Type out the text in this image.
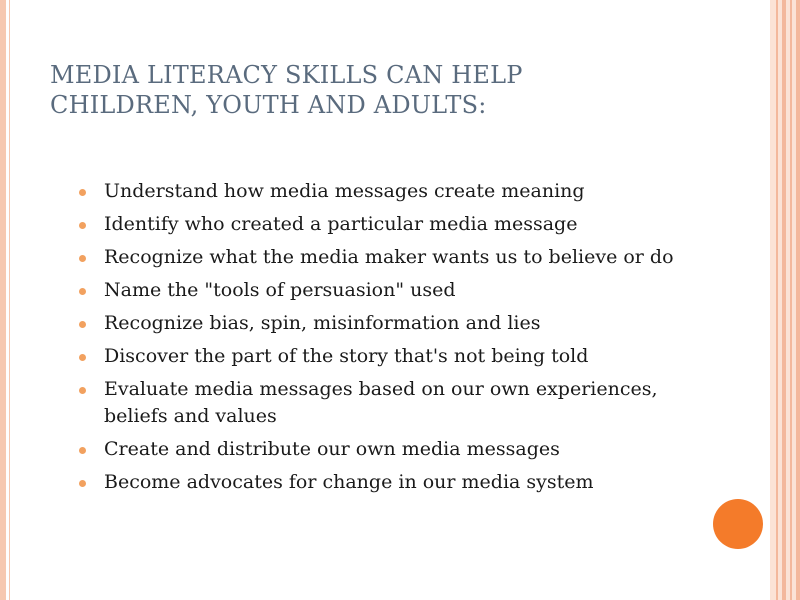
MEDIA LITERACY SKILLS CAN HELP
CHILDREN, YOUTH AND ADULTS:
Understand how media messages create meaning
Identify who created a particular media message
Recognize what the media maker wants us to believe or do
Name the "tools of persuasion" used
Recognize bias, spin, misinformation and lies
Discover the part of the story that's not being told
Evaluate media messages based on our own experiences, beliefs and values
Create and distribute our own media messages
Become advocates for change in our media system
